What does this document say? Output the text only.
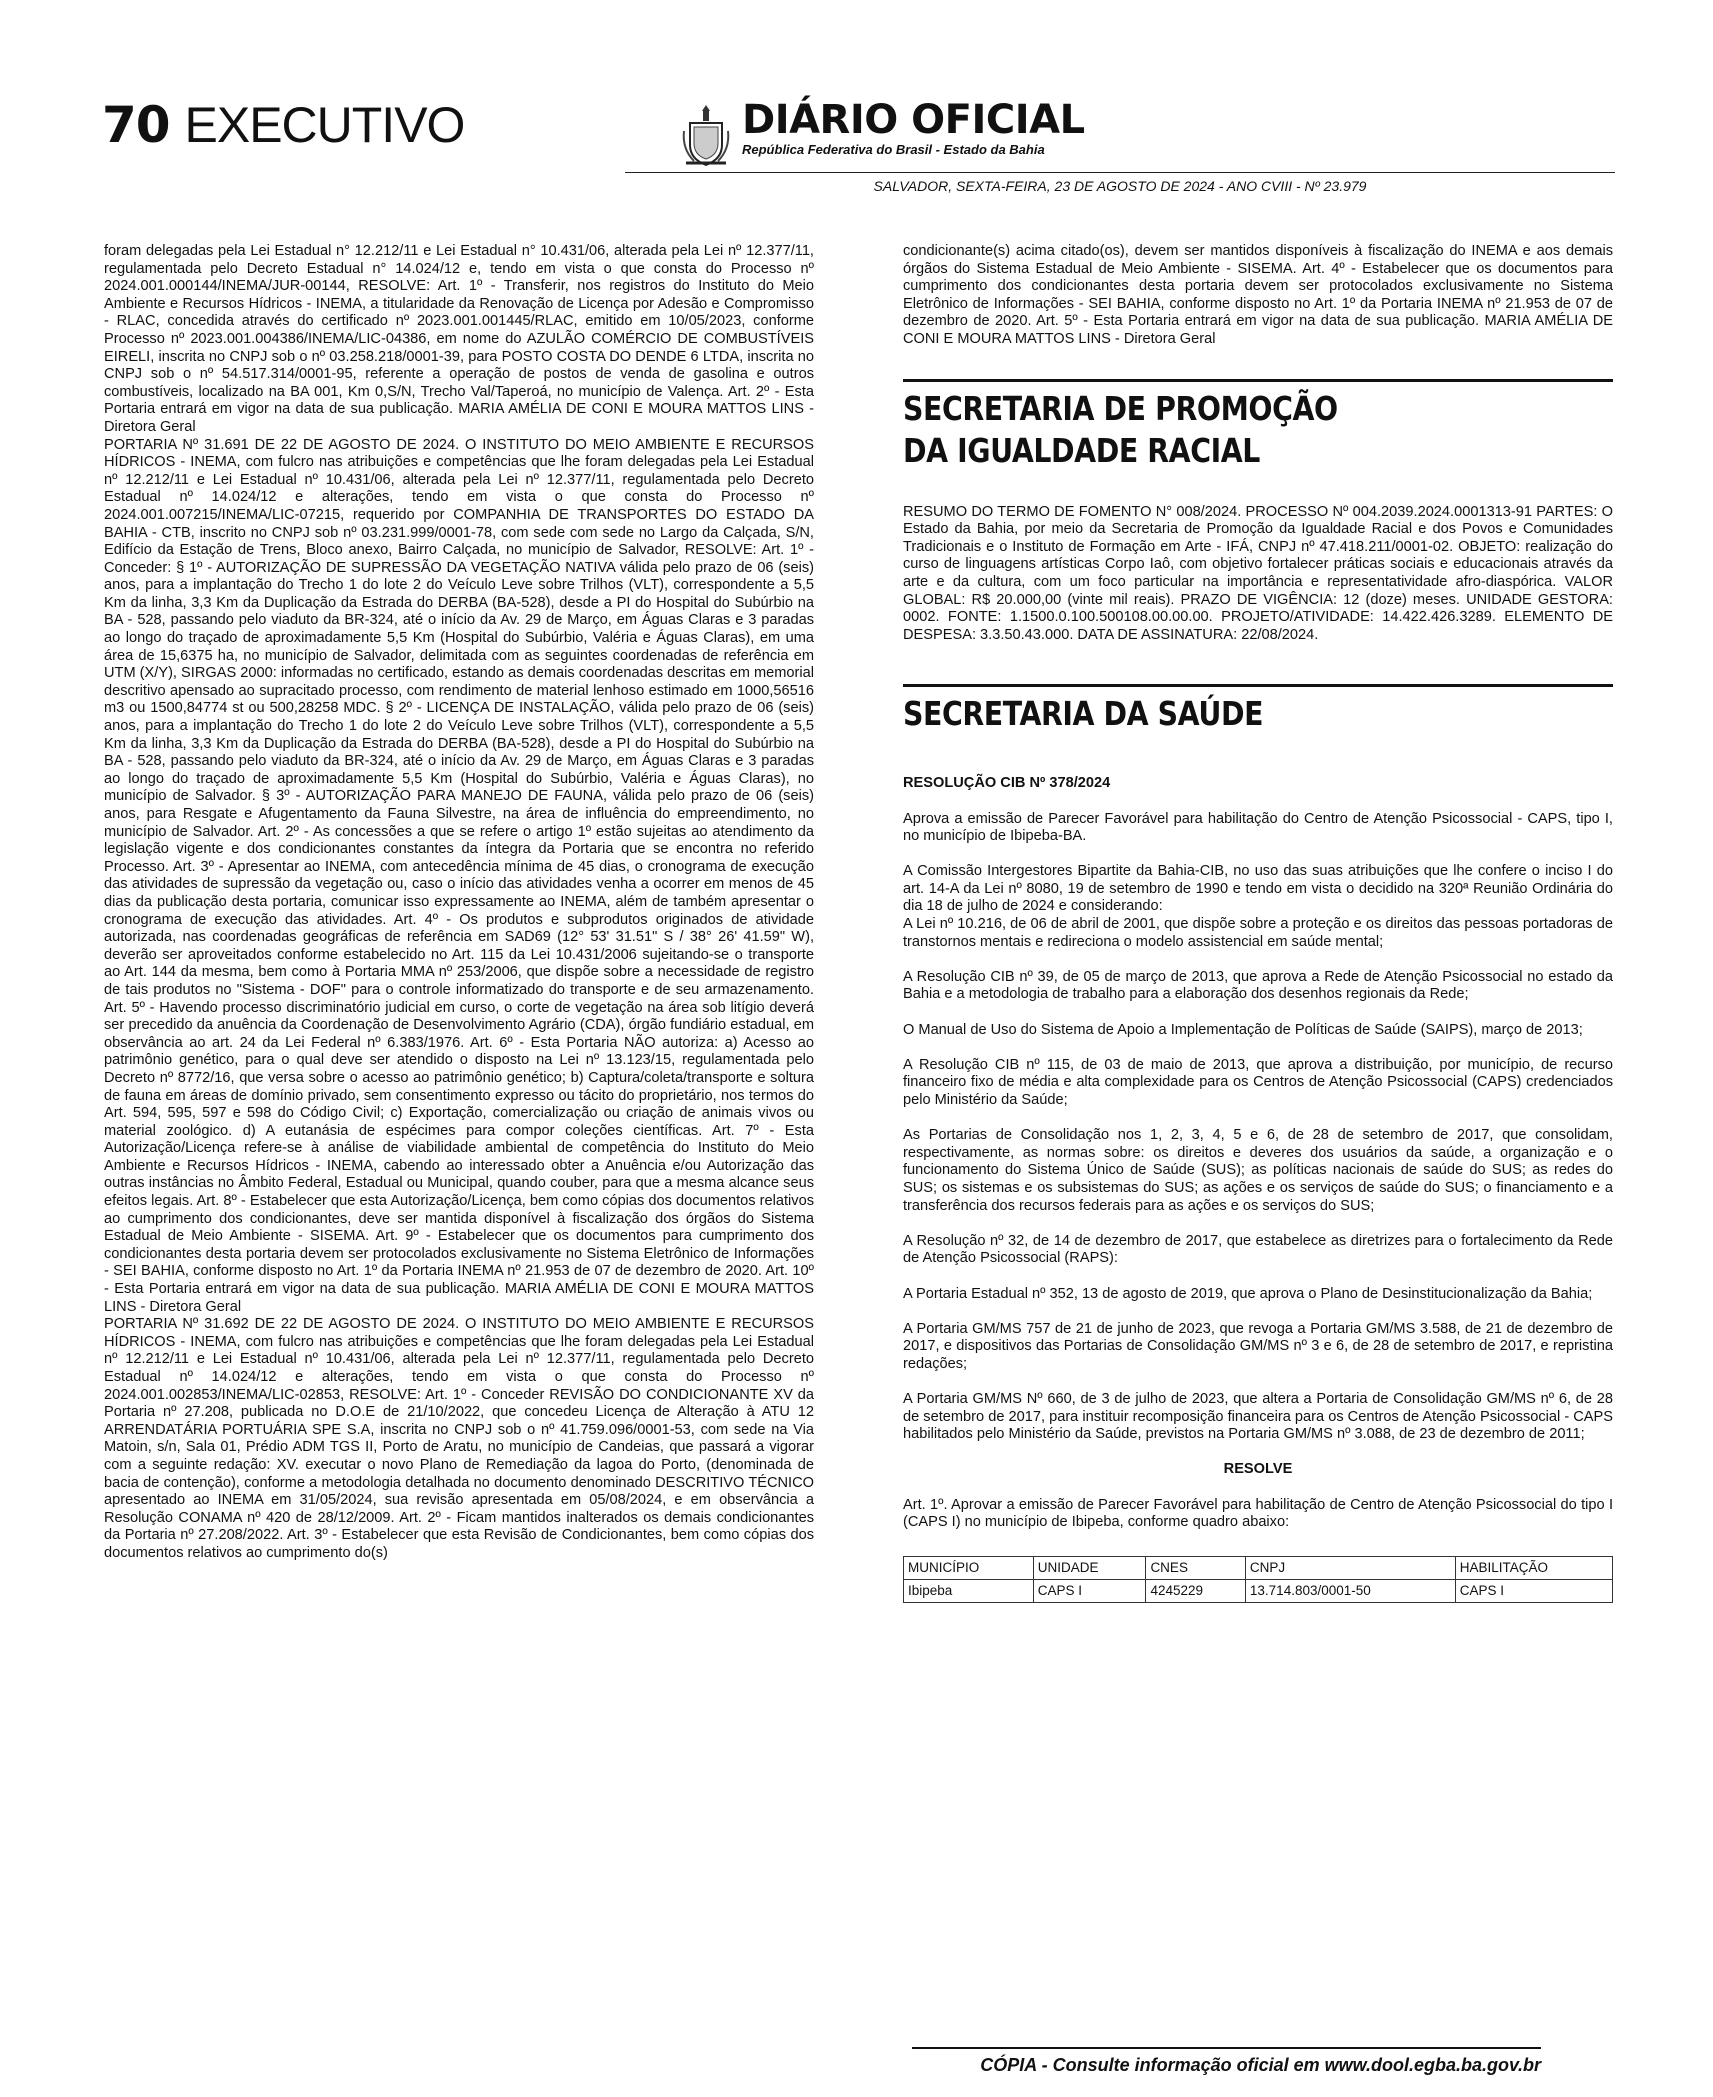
70 EXECUTIVO	DIÁRIO OFICIAL
República Federativa do Brasil - Estado da Bahia
SALVADOR, SEXTA-FEIRA, 23 DE AGOSTO DE 2024 - ANO CVIII - Nº 23.979

foram delegadas pela Lei Estadual n° 12.212/11 e Lei Estadual n° 10.431/06, alterada pela Lei nº 12.377/11, regulamentada pelo Decreto Estadual n° 14.024/12 e, tendo em vista o que consta do Processo nº 2024.001.000144/INEMA/JUR-00144, RESOLVE: Art. 1º - Transferir, nos registros do Instituto do Meio Ambiente e Recursos Hídricos - INEMA, a titularidade da Renovação de Licença por Adesão e Compromisso - RLAC, concedida através do certificado nº 2023.001.001445/RLAC, emitido em 10/05/2023, conforme Processo nº 2023.001.004386/INEMA/LIC-04386, em nome do AZULÃO COMÉRCIO DE COMBUSTÍVEIS EIRELI, inscrita no CNPJ sob o nº 03.258.218/0001-39, para POSTO COSTA DO DENDE 6 LTDA, inscrita no CNPJ sob o nº 54.517.314/0001-95, referente a operação de postos de venda de gasolina e outros combustíveis, localizado na BA 001, Km 0,S/N, Trecho Val/Taperoá, no município de Valença. Art. 2º - Esta Portaria entrará em vigor na data de sua publicação. MARIA AMÉLIA DE CONI E MOURA MATTOS LINS - Diretora Geral

PORTARIA Nº 31.691 DE 22 DE AGOSTO DE 2024. O INSTITUTO DO MEIO AMBIENTE E RECURSOS HÍDRICOS - INEMA, com fulcro nas atribuições e competências que lhe foram delegadas pela Lei Estadual nº 12.212/11 e Lei Estadual nº 10.431/06, alterada pela Lei nº 12.377/11, regulamentada pelo Decreto Estadual nº 14.024/12 e alterações, tendo em vista o que consta do Processo nº 2024.001.007215/INEMA/LIC-07215, requerido por COMPANHIA DE TRANSPORTES DO ESTADO DA BAHIA - CTB, inscrito no CNPJ sob nº 03.231.999/0001-78, com sede com sede no Largo da Calçada, S/N, Edifício da Estação de Trens, Bloco anexo, Bairro Calçada, no município de Salvador, RESOLVE: Art. 1º - Conceder: § 1º - AUTORIZAÇÃO DE SUPRESSÃO DA VEGETAÇÃO NATIVA válida pelo prazo de 06 (seis) anos, para a implantação do Trecho 1 do lote 2 do Veículo Leve sobre Trilhos (VLT), correspondente a 5,5 Km da linha, 3,3 Km da Duplicação da Estrada do DERBA (BA-528), desde a PI do Hospital do Subúrbio na BA - 528, passando pelo viaduto da BR-324, até o início da Av. 29 de Março, em Águas Claras e 3 paradas ao longo do traçado de aproximadamente 5,5 Km (Hospital do Subúrbio, Valéria e Águas Claras), em uma área de 15,6375 ha, no município de Salvador, delimitada com as seguintes coordenadas de referência em UTM (X/Y), SIRGAS 2000: informadas no certificado, estando as demais coordenadas descritas em memorial descritivo apensado ao supracitado processo, com rendimento de material lenhoso estimado em 1000,56516 m3 ou 1500,84774 st ou 500,28258 MDC. § 2º - LICENÇA DE INSTALAÇÃO, válida pelo prazo de 06 (seis) anos, para a implantação do Trecho 1 do lote 2 do Veículo Leve sobre Trilhos (VLT), correspondente a 5,5 Km da linha, 3,3 Km da Duplicação da Estrada do DERBA (BA-528), desde a PI do Hospital do Subúrbio na BA - 528, passando pelo viaduto da BR-324, até o início da Av. 29 de Março, em Águas Claras e 3 paradas ao longo do traçado de aproximadamente 5,5 Km (Hospital do Subúrbio, Valéria e Águas Claras), no município de Salvador. § 3º - AUTORIZAÇÃO PARA MANEJO DE FAUNA, válida pelo prazo de 06 (seis) anos, para Resgate e Afugentamento da Fauna Silvestre, na área de influência do empreendimento, no município de Salvador. Art. 2º - As concessões a que se refere o artigo 1º estão sujeitas ao atendimento da legislação vigente e dos condicionantes constantes da íntegra da Portaria que se encontra no referido Processo. Art. 3º - Apresentar ao INEMA, com antecedência mínima de 45 dias, o cronograma de execução das atividades de supressão da vegetação ou, caso o início das atividades venha a ocorrer em menos de 45 dias da publicação desta portaria, comunicar isso expressamente ao INEMA, além de também apresentar o cronograma de execução das atividades. Art. 4º - Os produtos e subprodutos originados de atividade autorizada, nas coordenadas geográficas de referência em SAD69 (12° 53' 31.51" S / 38° 26' 41.59" W), deverão ser aproveitados conforme estabelecido no Art. 115 da Lei 10.431/2006 sujeitando-se o transporte ao Art. 144 da mesma, bem como à Portaria MMA nº 253/2006, que dispõe sobre a necessidade de registro de tais produtos no "Sistema - DOF" para o controle informatizado do transporte e de seu armazenamento. Art. 5º - Havendo processo discriminatório judicial em curso, o corte de vegetação na área sob litígio deverá ser precedido da anuência da Coordenação de Desenvolvimento Agrário (CDA), órgão fundiário estadual, em observância ao art. 24 da Lei Federal nº 6.383/1976. Art. 6º - Esta Portaria NÃO autoriza: a) Acesso ao patrimônio genético, para o qual deve ser atendido o disposto na Lei nº 13.123/15, regulamentada pelo Decreto nº 8772/16, que versa sobre o acesso ao patrimônio genético; b) Captura/coleta/transporte e soltura de fauna em áreas de domínio privado, sem consentimento expresso ou tácito do proprietário, nos termos do Art. 594, 595, 597 e 598 do Código Civil; c) Exportação, comercialização ou criação de animais vivos ou material zoológico. d) A eutanásia de espécimes para compor coleções científicas. Art. 7º - Esta Autorização/Licença refere-se à análise de viabilidade ambiental de competência do Instituto do Meio Ambiente e Recursos Hídricos - INEMA, cabendo ao interessado obter a Anuência e/ou Autorização das outras instâncias no Âmbito Federal, Estadual ou Municipal, quando couber, para que a mesma alcance seus efeitos legais. Art. 8º - Estabelecer que esta Autorização/Licença, bem como cópias dos documentos relativos ao cumprimento dos condicionantes, deve ser mantida disponível à fiscalização dos órgãos do Sistema Estadual de Meio Ambiente - SISEMA. Art. 9º - Estabelecer que os documentos para cumprimento dos condicionantes desta portaria devem ser protocolados exclusivamente no Sistema Eletrônico de Informações - SEI BAHIA, conforme disposto no Art. 1º da Portaria INEMA nº 21.953 de 07 de dezembro de 2020. Art. 10º - Esta Portaria entrará em vigor na data de sua publicação. MARIA AMÉLIA DE CONI E MOURA MATTOS LINS - Diretora Geral

PORTARIA Nº 31.692 DE 22 DE AGOSTO DE 2024. O INSTITUTO DO MEIO AMBIENTE E RECURSOS HÍDRICOS - INEMA, com fulcro nas atribuições e competências que lhe foram delegadas pela Lei Estadual nº 12.212/11 e Lei Estadual nº 10.431/06, alterada pela Lei nº 12.377/11, regulamentada pelo Decreto Estadual nº 14.024/12 e alterações, tendo em vista o que consta do Processo nº 2024.001.002853/INEMA/LIC-02853, RESOLVE: Art. 1º - Conceder REVISÃO DO CONDICIONANTE XV da Portaria nº 27.208, publicada no D.O.E de 21/10/2022, que concedeu Licença de Alteração à ATU 12 ARRENDATÁRIA PORTUÁRIA SPE S.A, inscrita no CNPJ sob o nº 41.759.096/0001-53, com sede na Via Matoin, s/n, Sala 01, Prédio ADM TGS II, Porto de Aratu, no município de Candeias, que passará a vigorar com a seguinte redação: XV. executar o novo Plano de Remediação da lagoa do Porto, (denominada de bacia de contenção), conforme a metodologia detalhada no documento denominado DESCRITIVO TÉCNICO apresentado ao INEMA em 31/05/2024, sua revisão apresentada em 05/08/2024, e em observância a Resolução CONAMA nº 420 de 28/12/2009. Art. 2º - Ficam mantidos inalterados os demais condicionantes da Portaria nº 27.208/2022. Art. 3º - Estabelecer que esta Revisão de Condicionantes, bem como cópias dos documentos relativos ao cumprimento do(s)

condicionante(s) acima citado(os), devem ser mantidos disponíveis à fiscalização do INEMA e aos demais órgãos do Sistema Estadual de Meio Ambiente - SISEMA. Art. 4º - Estabelecer que os documentos para cumprimento dos condicionantes desta portaria devem ser protocolados exclusivamente no Sistema Eletrônico de Informações - SEI BAHIA, conforme disposto no Art. 1º da Portaria INEMA nº 21.953 de 07 de dezembro de 2020. Art. 5º - Esta Portaria entrará em vigor na data de sua publicação. MARIA AMÉLIA DE CONI E MOURA MATTOS LINS - Diretora Geral

SECRETARIA DE PROMOÇÃO
DA IGUALDADE RACIAL

RESUMO DO TERMO DE FOMENTO N° 008/2024. PROCESSO Nº 004.2039.2024.0001313-91 PARTES: O Estado da Bahia, por meio da Secretaria de Promoção da Igualdade Racial e dos Povos e Comunidades Tradicionais e o Instituto de Formação em Arte - IFÁ, CNPJ nº 47.418.211/0001-02. OBJETO: realização do curso de linguagens artísticas Corpo Iaô, com objetivo fortalecer práticas sociais e educacionais através da arte e da cultura, com um foco particular na importância e representatividade afro-diaspórica. VALOR GLOBAL: R$ 20.000,00 (vinte mil reais). PRAZO DE VIGÊNCIA: 12 (doze) meses. UNIDADE GESTORA: 0002. FONTE: 1.1500.0.100.500108.00.00.00. PROJETO/ATIVIDADE: 14.422.426.3289. ELEMENTO DE DESPESA: 3.3.50.43.000. DATA DE ASSINATURA: 22/08/2024.

SECRETARIA DA SAÚDE

RESOLUÇÃO CIB Nº 378/2024

Aprova a emissão de Parecer Favorável para habilitação do Centro de Atenção Psicossocial - CAPS, tipo I, no município de Ibipeba-BA.

A Comissão Intergestores Bipartite da Bahia-CIB, no uso das suas atribuições que lhe confere o inciso I do art. 14-A da Lei nº 8080, 19 de setembro de 1990 e tendo em vista o decidido na 320ª Reunião Ordinária do dia 18 de julho de 2024 e considerando:

A Lei nº 10.216, de 06 de abril de 2001, que dispõe sobre a proteção e os direitos das pessoas portadoras de transtornos mentais e redireciona o modelo assistencial em saúde mental;

A Resolução CIB nº 39, de 05 de março de 2013, que aprova a Rede de Atenção Psicossocial no estado da Bahia e a metodologia de trabalho para a elaboração dos desenhos regionais da Rede;

O Manual de Uso do Sistema de Apoio a Implementação de Políticas de Saúde (SAIPS), março de 2013;

A Resolução CIB nº 115, de 03 de maio de 2013, que aprova a distribuição, por município, de recurso financeiro fixo de média e alta complexidade para os Centros de Atenção Psicossocial (CAPS) credenciados pelo Ministério da Saúde;

As Portarias de Consolidação nos 1, 2, 3, 4, 5 e 6, de 28 de setembro de 2017, que consolidam, respectivamente, as normas sobre: os direitos e deveres dos usuários da saúde, a organização e o funcionamento do Sistema Único de Saúde (SUS); as políticas nacionais de saúde do SUS; as redes do SUS; os sistemas e os subsistemas do SUS; as ações e os serviços de saúde do SUS; o financiamento e a transferência dos recursos federais para as ações e os serviços do SUS;

A Resolução nº 32, de 14 de dezembro de 2017, que estabelece as diretrizes para o fortalecimento da Rede de Atenção Psicossocial (RAPS):

A Portaria Estadual nº 352, 13 de agosto de 2019, que aprova o Plano de Desinstitucionalização da Bahia;

A Portaria GM/MS 757 de 21 de junho de 2023, que revoga a Portaria GM/MS 3.588, de 21 de dezembro de 2017, e dispositivos das Portarias de Consolidação GM/MS nº 3 e 6, de 28 de setembro de 2017, e repristina redações;

A Portaria GM/MS Nº 660, de 3 de julho de 2023, que altera a Portaria de Consolidação GM/MS nº 6, de 28 de setembro de 2017, para instituir recomposição financeira para os Centros de Atenção Psicossocial - CAPS habilitados pelo Ministério da Saúde, previstos na Portaria GM/MS nº 3.088, de 23 de dezembro de 2011;

RESOLVE

Art. 1º. Aprovar a emissão de Parecer Favorável para habilitação de Centro de Atenção Psicossocial do tipo I (CAPS I) no município de Ibipeba, conforme quadro abaixo:

MUNICÍPIO	UNIDADE	CNES	CNPJ	HABILITAÇÃO
Ibipeba	CAPS I	4245229	13.714.803/0001-50	CAPS I
CÓPIA - Consulte informação oficial em www.dool.egba.ba.gov.br
